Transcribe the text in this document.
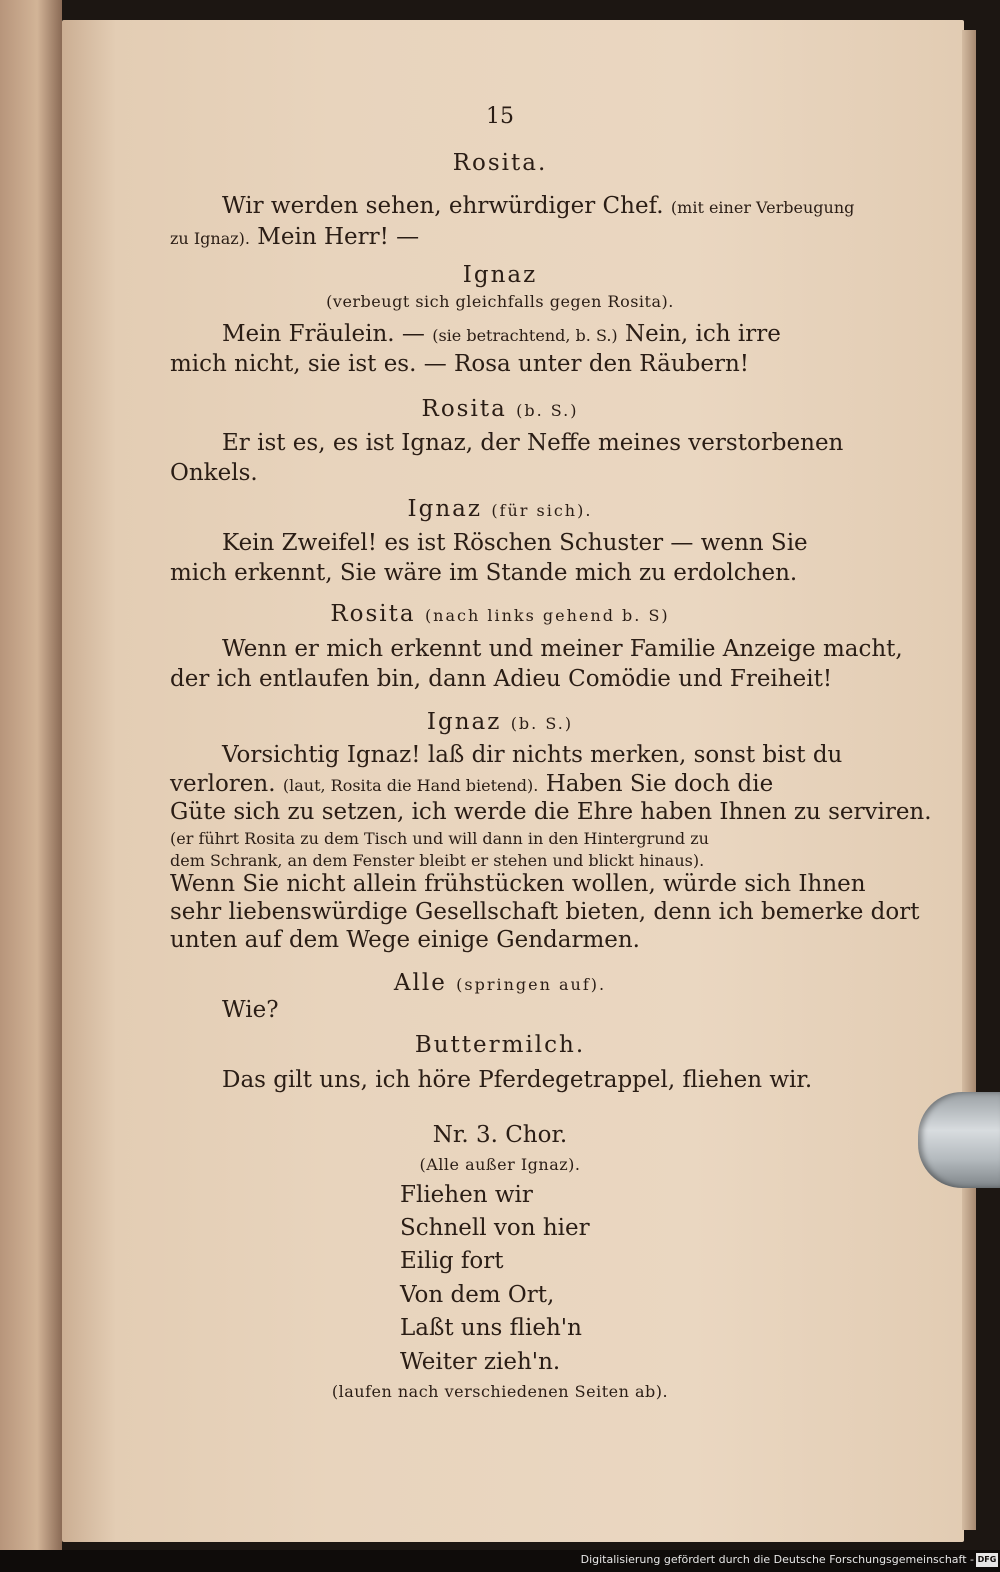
15
Rosita.
Wir werden sehen, ehrwürdiger Chef. (mit einer Verbeugung
zu Ignaz). Mein Herr! —
Ignaz
(verbeugt sich gleichfalls gegen Rosita).
Mein Fräulein. — (sie betrachtend, b. S.) Nein, ich irre
mich nicht, sie ist es. — Rosa unter den Räubern!
Rosita (b. S.)
Er ist es, es ist Ignaz, der Neffe meines verstorbenen
Onkels.
Ignaz (für sich).
Kein Zweifel! es ist Röschen Schuster — wenn Sie
mich erkennt, Sie wäre im Stande mich zu erdolchen.
Rosita (nach links gehend b. S)
Wenn er mich erkennt und meiner Familie Anzeige macht,
der ich entlaufen bin, dann Adieu Comödie und Freiheit!
Ignaz (b. S.)
Vorsichtig Ignaz! laß dir nichts merken, sonst bist du
verloren. (laut, Rosita die Hand bietend). Haben Sie doch die
Güte sich zu setzen, ich werde die Ehre haben Ihnen zu serviren.
(er führt Rosita zu dem Tisch und will dann in den Hintergrund zu
dem Schrank, an dem Fenster bleibt er stehen und blickt hinaus).
Wenn Sie nicht allein frühstücken wollen, würde sich Ihnen
sehr liebenswürdige Gesellschaft bieten, denn ich bemerke dort
unten auf dem Wege einige Gendarmen.
Alle (springen auf).
Wie?
Buttermilch.
Das gilt uns, ich höre Pferdegetrappel, fliehen wir.
Nr. 3. Chor.
(Alle außer Ignaz).
Fliehen wir
Schnell von hier
Eilig fort
Von dem Ort,
Laßt uns flieh'n
Weiter zieh'n.
(laufen nach verschiedenen Seiten ab).
Digitalisierung gefördert durch die Deutsche Forschungsgemeinschaft - DFG
